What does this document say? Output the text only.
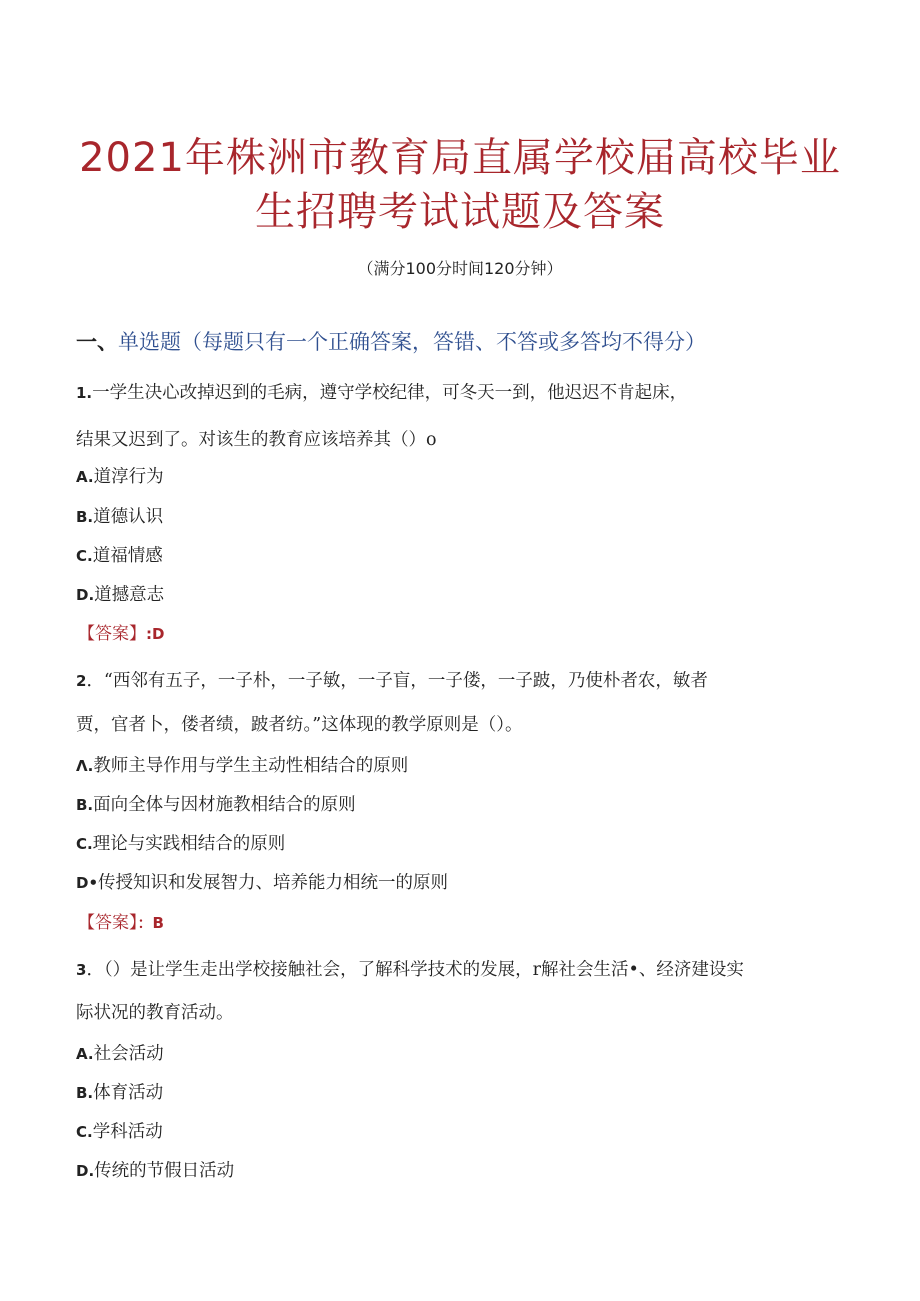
2021年株洲市教育局直属学校届高校毕业
生招聘考试试题及答案
（满分100分时间120分钟）
一、单选题（每题只有一个正确答案，答错、不答或多答均不得分）
1.一学生决心改掉迟到的毛病，遵守学校纪律，可冬天一到，他迟迟不肯起床，
结果又迟到了。对该生的教育应该培养其（）o
A.道淳行为
B.道德认识
C.道福情感
D.道撼意志
【答案】:D
2．“西邻有五子，一子朴，一子敏，一子盲，一子偻，一子跛，乃使朴者农，敏者
贾，官者卜，偻者绩，跛者纺。”这体现的教学原则是（）。
Λ.教师主导作用与学生主动性相结合的原则
B.面向全体与因材施教相结合的原则
C.理论与实践相结合的原则
D•传授知识和发展智力、培养能力相统一的原则
【答案】：B
3．（）是让学生走出学校接触社会，了解科学技术的发展，r解社会生活•、经济建设实
际状况的教育活动。
A.社会活动
B.体育活动
C.学科活动
D.传统的节假日活动
